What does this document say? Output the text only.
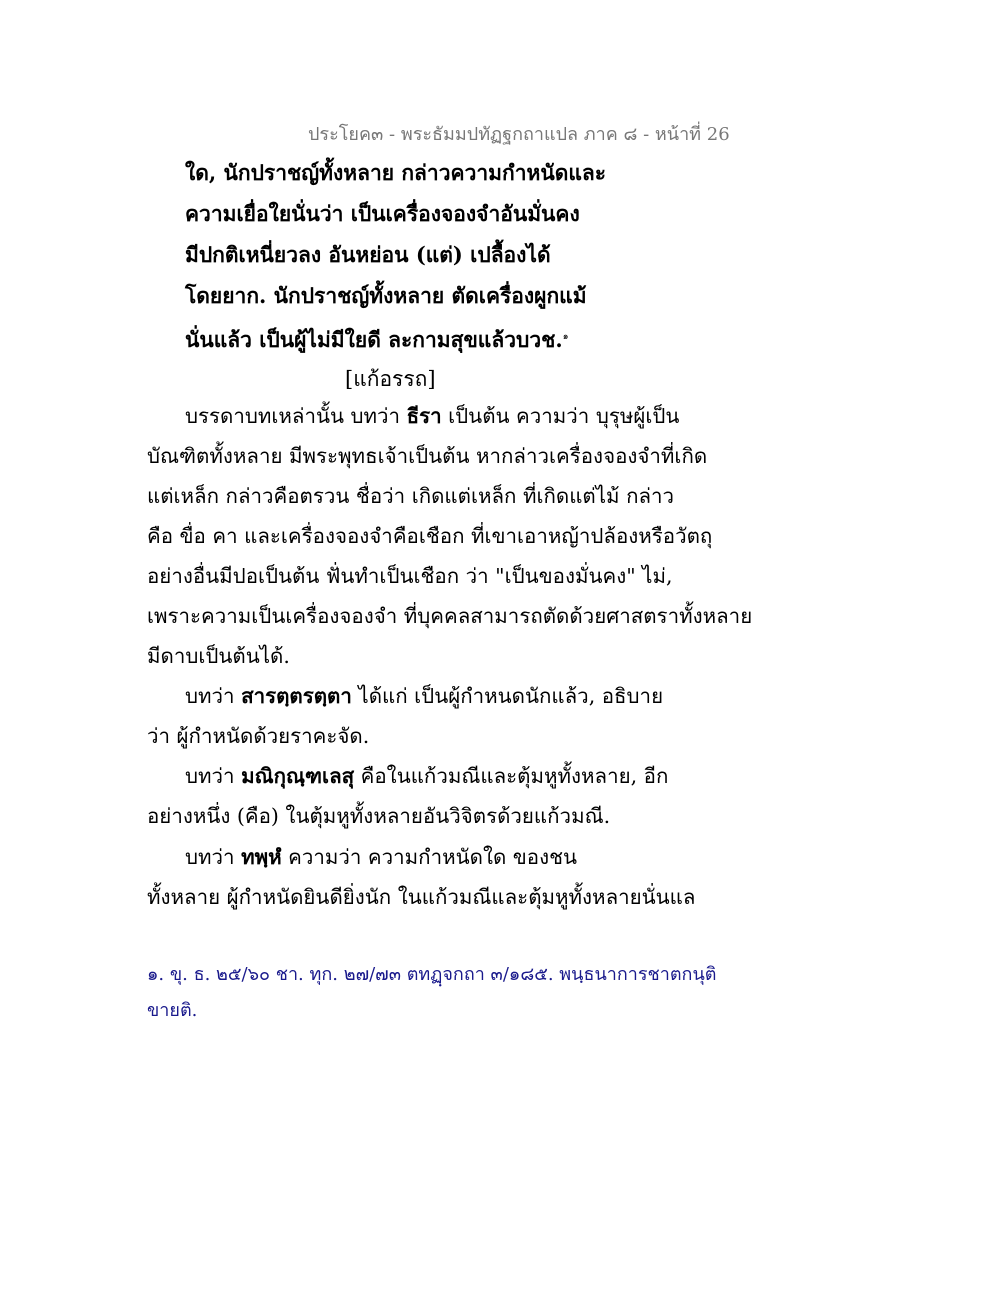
ประโยค๓ - พระธัมมปทัฏฐกถาแปล ภาค ๘ - หน้าที่ 26
ใด, นักปราชญ์ทั้งหลาย กล่าวความกำหนัดและ
ความเยื่อใยนั่นว่า เป็นเครื่องจองจำอันมั่นคง
มีปกติเหนี่ยวลง อันหย่อน (แต่) เปลื้องได้
โดยยาก. นักปราชญ์ทั้งหลาย ตัดเครื่องผูกแม้
นั่นแล้ว เป็นผู้ไม่มีใยดี ละกามสุขแล้วบวช.$^๑$
[แก้อรรถ]
บรรดาบทเหล่านั้น บทว่า ธีรา เป็นต้น ความว่า บุรุษผู้เป็น
บัณฑิตทั้งหลาย มีพระพุทธเจ้าเป็นต้น หากล่าวเครื่องจองจำที่เกิด
แต่เหล็ก กล่าวคือตรวน ชื่อว่า เกิดแต่เหล็ก ที่เกิดแต่ไม้ กล่าว
คือ ขื่อ คา และเครื่องจองจำคือเชือก ที่เขาเอาหญ้าปล้องหรือวัตถุ
อย่างอื่นมีปอเป็นต้น ฟั่นทำเป็นเชือก ว่า "เป็นของมั่นคง" ไม่,
เพราะความเป็นเครื่องจองจำ ที่บุคคลสามารถตัดด้วยศาสตราทั้งหลาย
มีดาบเป็นต้นได้.
บทว่า สารตฺตรตฺตา ได้แก่ เป็นผู้กำหนดนักแล้ว, อธิบาย
ว่า ผู้กำหนัดด้วยราคะจัด.
บทว่า มณิกุณฺฑเลสุ คือในแก้วมณีและตุ้มหูทั้งหลาย, อีก
อย่างหนึ่ง (คือ) ในตุ้มหูทั้งหลายอันวิจิตรด้วยแก้วมณี.
บทว่า ทพฺหํ ความว่า ความกำหนัดใด ของชน
ทั้งหลาย ผู้กำหนัดยินดียิ่งนัก ในแก้วมณีและตุ้มหูทั้งหลายนั่นแล
๑. ขุ. ธ. ๒๕/๖๐ ชา. ทุก. ๒๗/๗๓ ตทฏฺจกถา ๓/๑๘๕. พนฺธนาการชาตกนุติ
ขายติ.
